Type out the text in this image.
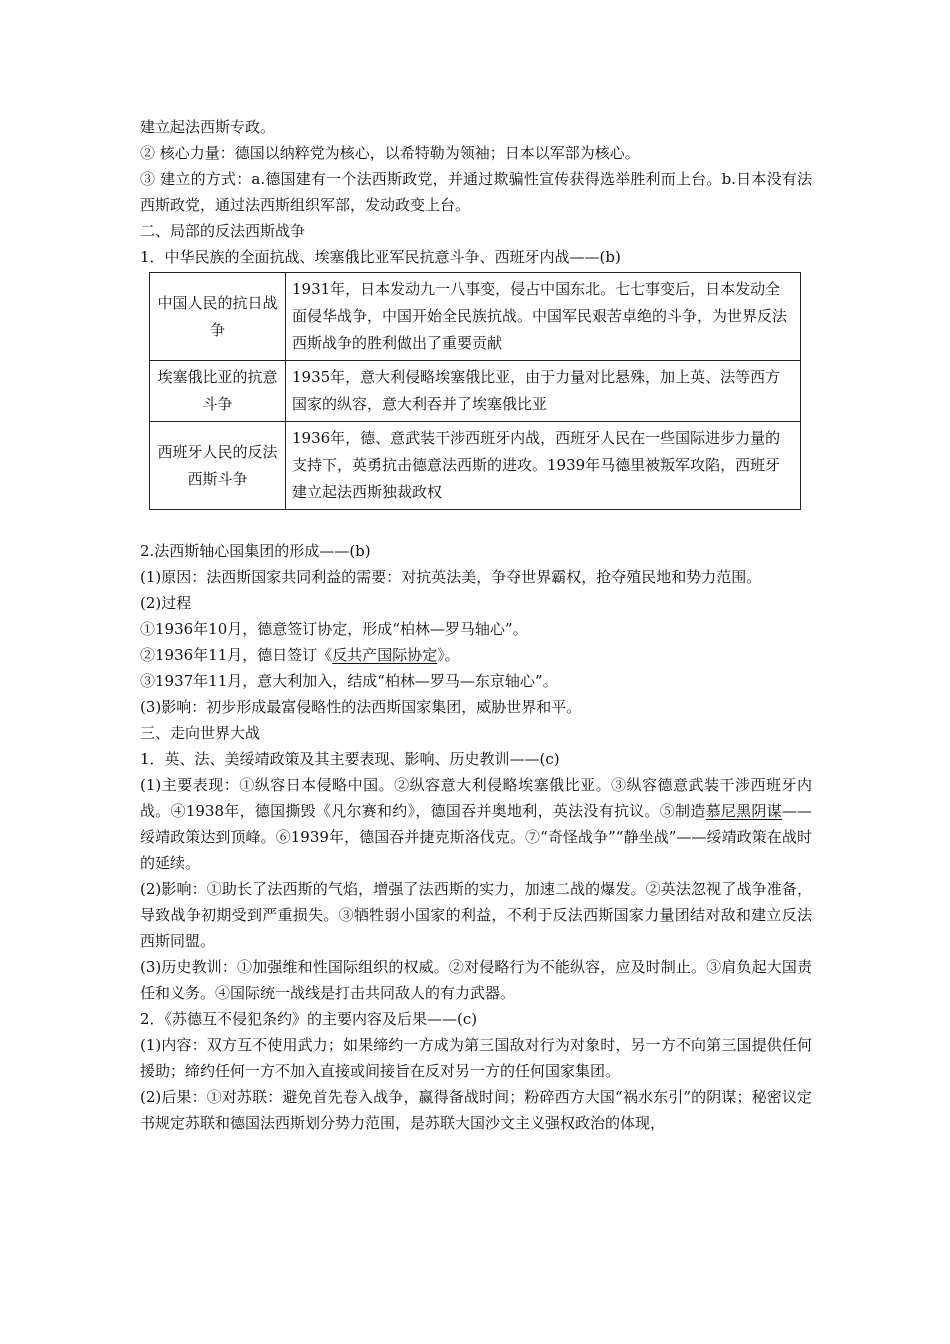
建立起法西斯专政。

② 核心力量：德国以纳粹党为核心，以希特勒为领袖；日本以军部为核心。

③ 建立的方式：a.德国建有一个法西斯政党，并通过欺骗性宣传获得选举胜利而上台。b.日本没有法西斯政党，通过法西斯组织军部，发动政变上台。

二、局部的反法西斯战争

1．中华民族的全面抗战、埃塞俄比亚军民抗意斗争、西班牙内战——(b)

中国人民的抗日战争	1931年，日本发动九一八事变，侵占中国东北。七七事变后，日本发动全面侵华战争，中国开始全民族抗战。中国军民艰苦卓绝的斗争，为世界反法西斯战争的胜利做出了重要贡献
埃塞俄比亚的抗意斗争	1935年，意大利侵略埃塞俄比亚，由于力量对比悬殊，加上英、法等西方国家的纵容，意大利吞并了埃塞俄比亚
西班牙人民的反法西斯斗争	1936年，德、意武装干涉西班牙内战，西班牙人民在一些国际进步力量的支持下，英勇抗击德意法西斯的进攻。1939年马德里被叛军攻陷，西班牙建立起法西斯独裁政权

2.法西斯轴心国集团的形成——(b)

(1)原因：法西斯国家共同利益的需要：对抗英法美，争夺世界霸权，抢夺殖民地和势力范围。

(2)过程

①1936年10月，德意签订协定，形成“柏林—罗马轴心”。

②1936年11月，德日签订《反共产国际协定》。

③1937年11月，意大利加入，结成“柏林—罗马—东京轴心”。

(3)影响：初步形成最富侵略性的法西斯国家集团，威胁世界和平。

三、走向世界大战

1．英、法、美绥靖政策及其主要表现、影响、历史教训——(c)

(1)主要表现：①纵容日本侵略中国。②纵容意大利侵略埃塞俄比亚。③纵容德意武装干涉西班牙内战。④1938年，德国撕毁《凡尔赛和约》，德国吞并奥地利，英法没有抗议。⑤制造慕尼黑阴谋——绥靖政策达到顶峰。⑥1939年，德国吞并捷克斯洛伐克。⑦“奇怪战争”“静坐战”——绥靖政策在战时的延续。

(2)影响：①助长了法西斯的气焰，增强了法西斯的实力，加速二战的爆发。②英法忽视了战争准备，导致战争初期受到严重损失。③牺牲弱小国家的利益，不利于反法西斯国家力量团结对敌和建立反法西斯同盟。

(3)历史教训：①加强维和性国际组织的权威。②对侵略行为不能纵容，应及时制止。③肩负起大国责任和义务。④国际统一战线是打击共同敌人的有力武器。

2．《苏德互不侵犯条约》的主要内容及后果——(c)

(1)内容：双方互不使用武力；如果缔约一方成为第三国敌对行为对象时，另一方不向第三国提供任何援助；缔约任何一方不加入直接或间接旨在反对另一方的任何国家集团。

(2)后果：①对苏联：避免首先卷入战争，赢得备战时间；粉碎西方大国“祸水东引”的阴谋；秘密议定书规定苏联和德国法西斯划分势力范围，是苏联大国沙文主义强权政治的体现，
